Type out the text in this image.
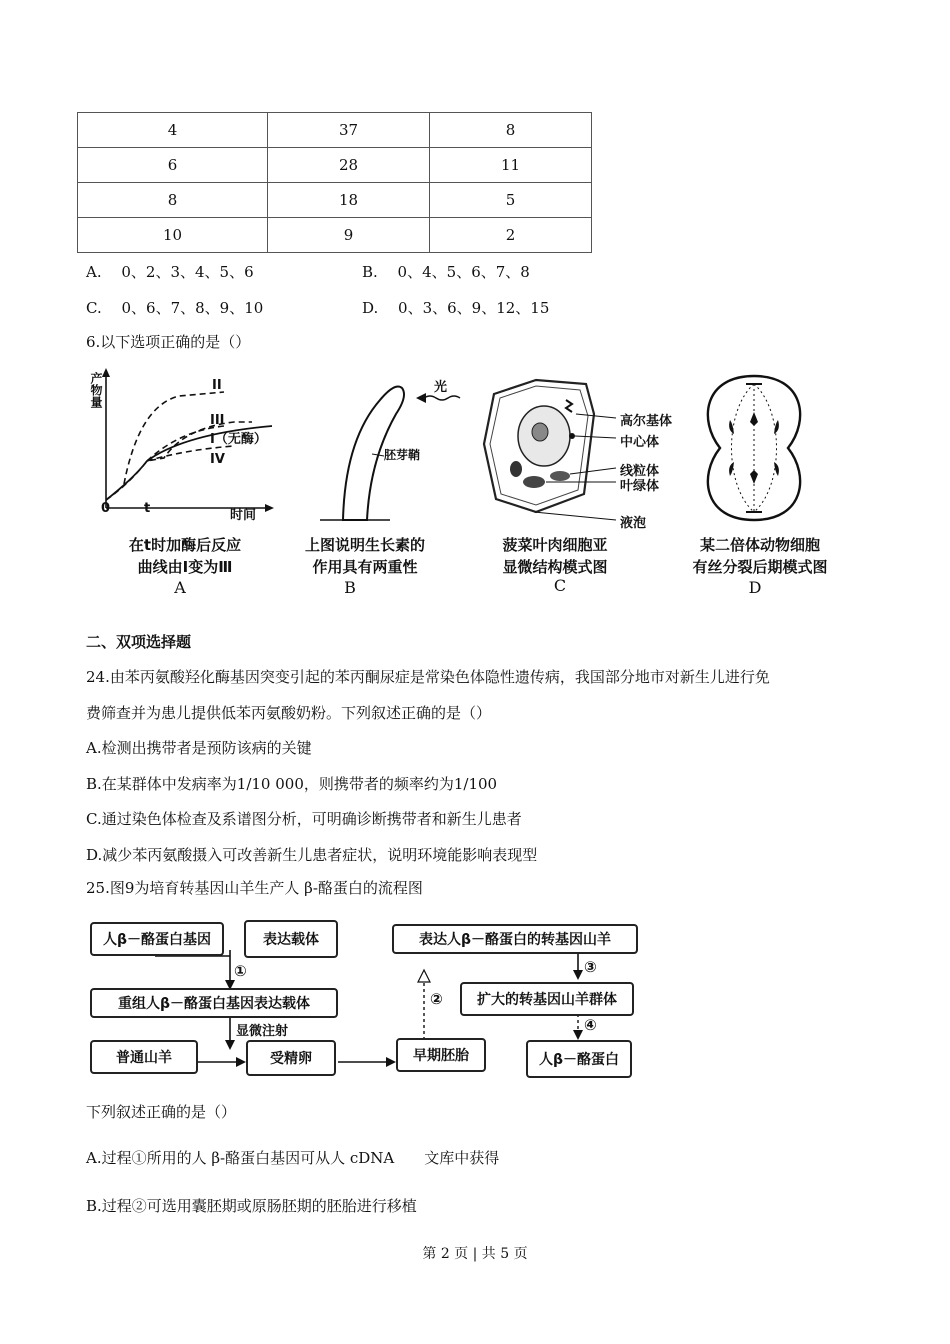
4	37	8
6	28	11
8	18	5
10	9	2
A.　 0、2、3、4、5、6	B.　 0、4、5、6、7、8
C.　 0、6、7、8、9、10	D.　 0、3、6、9、12、15
6.以下选项正确的是（）
产物量
时间
0	t
II
III
I（无酶）
IV
在t时加酶后反应
曲线由Ⅰ变为Ⅲ
A
光
胚芽鞘
上图说明生长素的
作用具有两重性
B
高尔基体
中心体
线粒体
叶绿体
液泡
菠菜叶肉细胞亚
显微结构模式图
C
某二倍体动物细胞
有丝分裂后期模式图
D
二、双项选择题
24.由苯丙氨酸羟化酶基因突变引起的苯丙酮尿症是常染色体隐性遗传病，我国部分地市对新生儿进行免
费筛查并为患儿提供低苯丙氨酸奶粉。下列叙述正确的是（）
A.检测出携带者是预防该病的关键
B.在某群体中发病率为1/10 000，则携带者的频率约为1/100
C.通过染色体检查及系谱图分析，可明确诊断携带者和新生儿患者
D.减少苯丙氨酸摄入可改善新生儿患者症状，说明环境能影响表现型
25.图9为培育转基因山羊生产人 β-酪蛋白的流程图
人β－酪蛋白基因	表达载体
重组人β－酪蛋白基因表达载体
普通山羊	受精卵	早期胚胎
表达人β－酪蛋白的转基因山羊
扩大的转基因山羊群体
人β－酪蛋白
①
显微注射
②
③
④
下列叙述正确的是（）
A.过程①所用的人 β-酪蛋白基因可从人 cDNA　　文库中获得
B.过程②可选用囊胚期或原肠胚期的胚胎进行移植
第 2 页 | 共 5 页
